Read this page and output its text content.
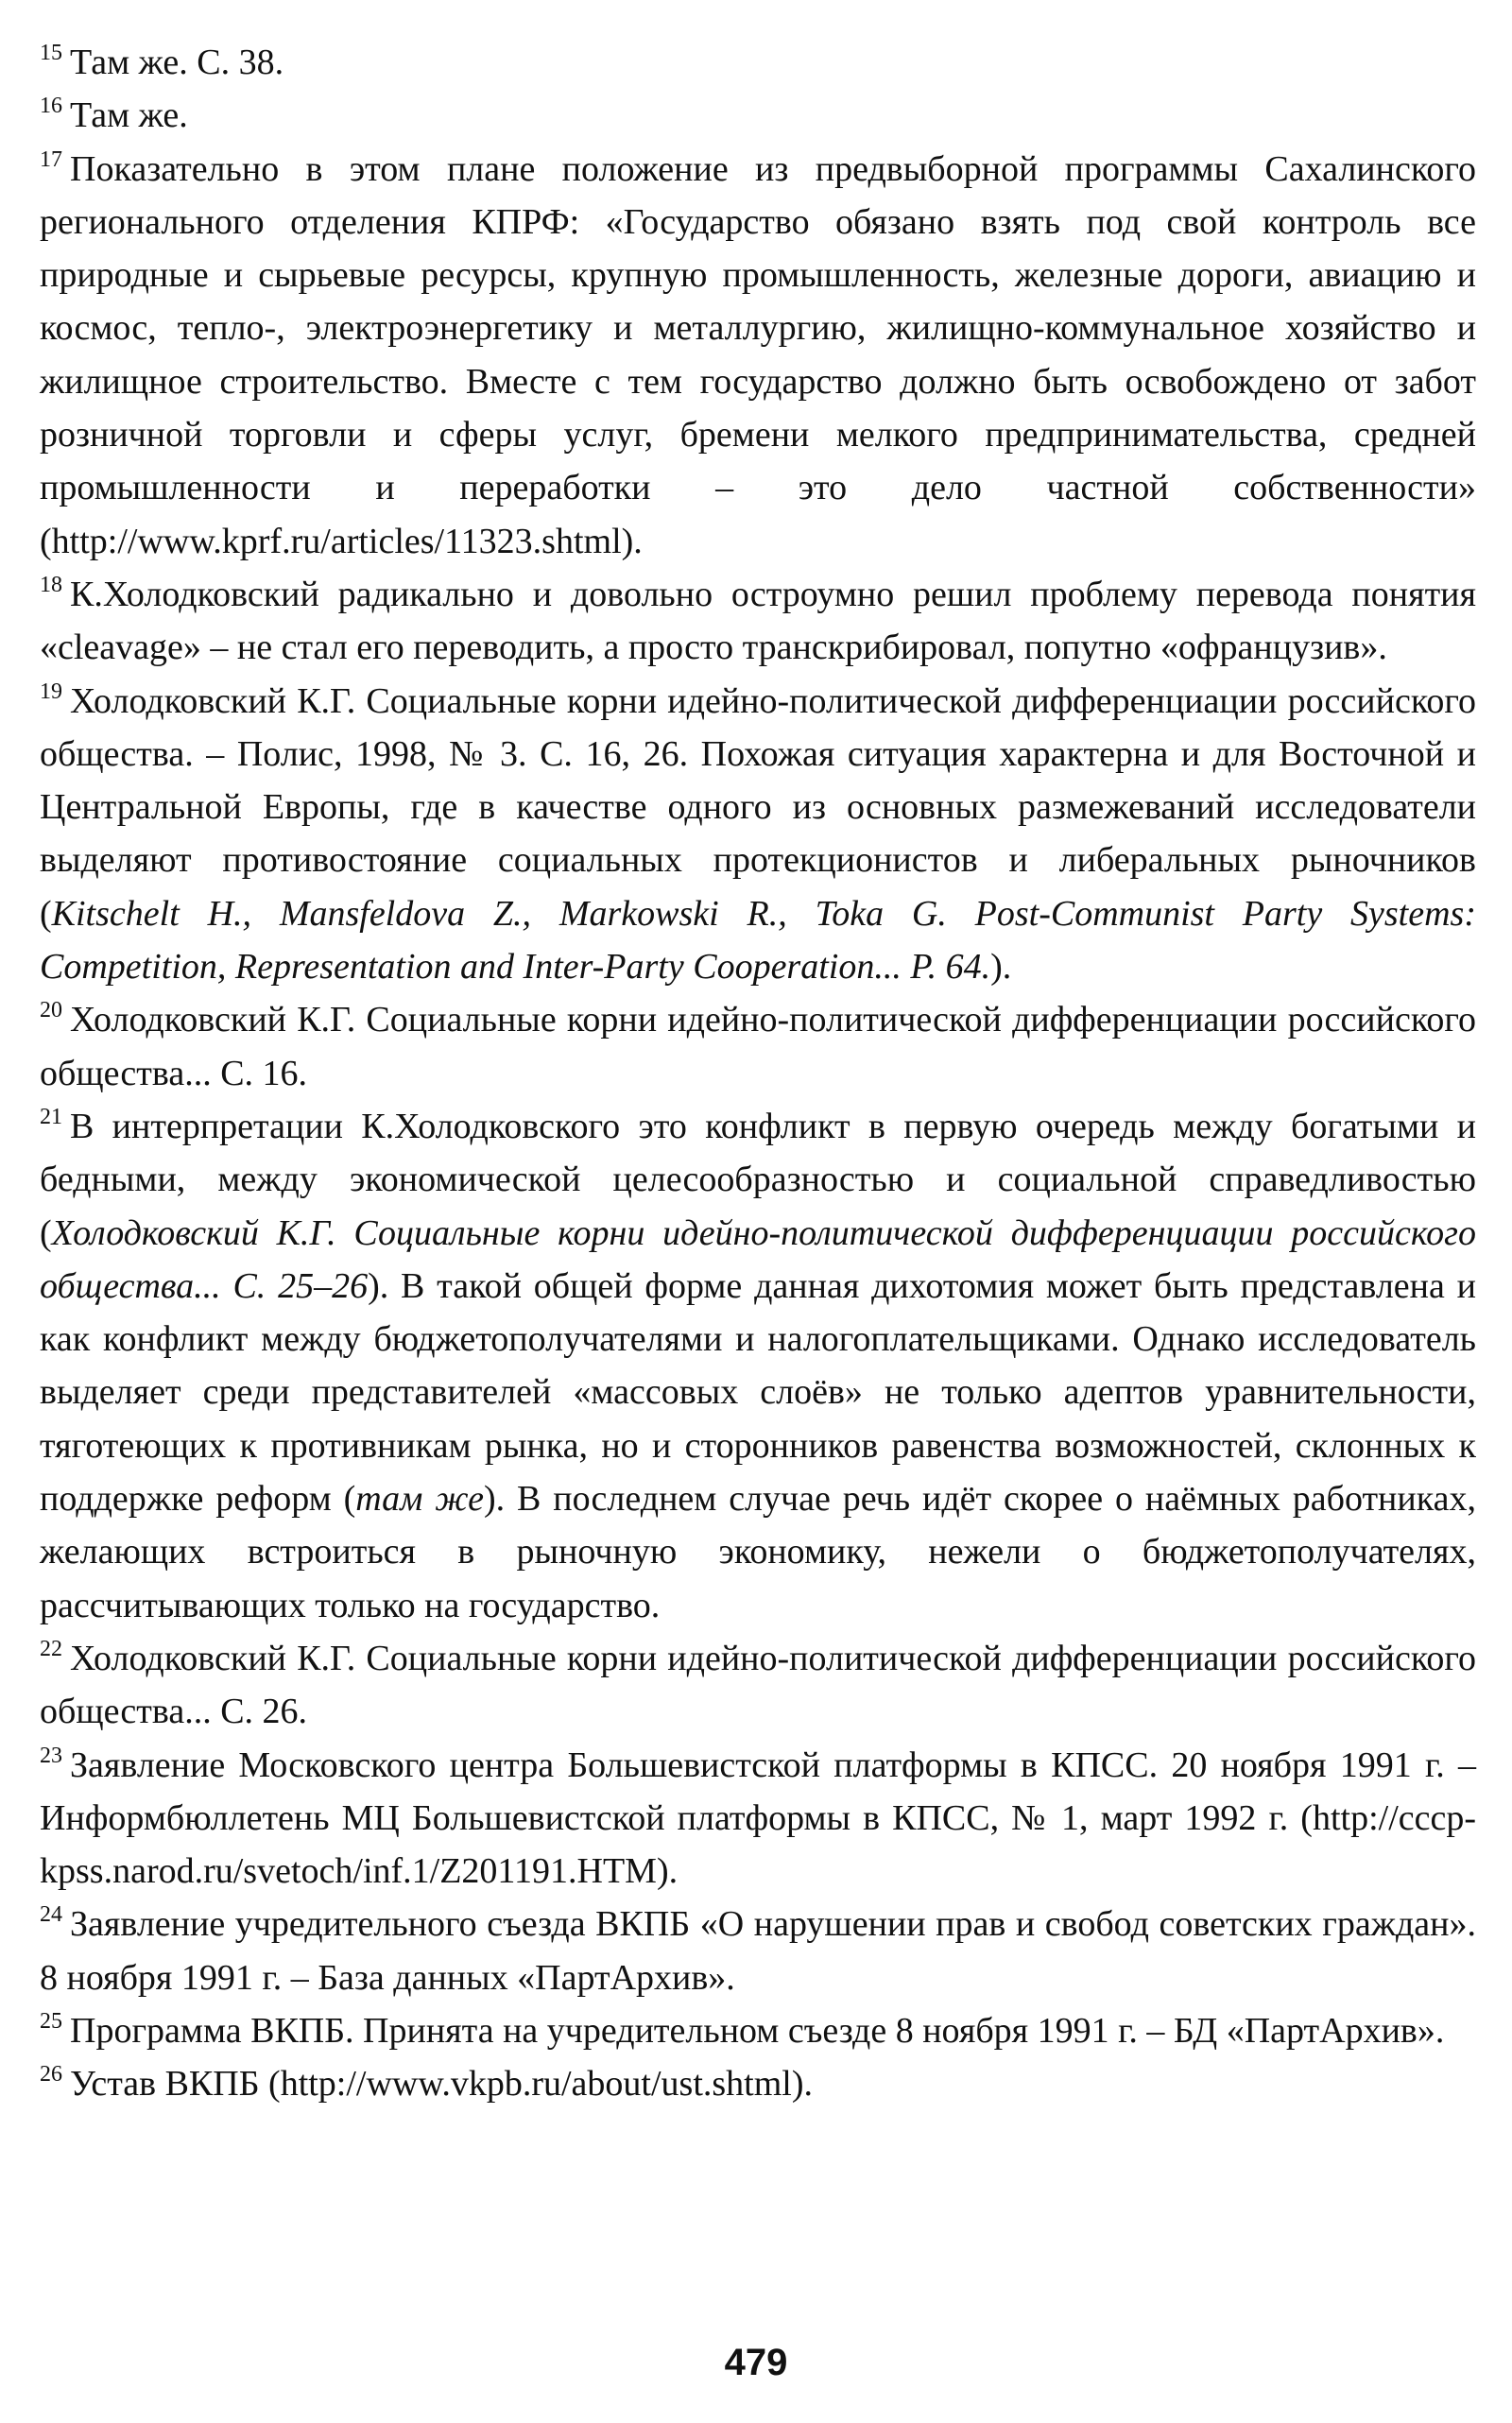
$^{15}$ Там же. С. 38.

$^{16}$ Там же.

$^{17}$ Показательно в этом плане положение из предвыборной программы Сахалинского регионального отделения КПРФ: «Государство обязано взять под свой контроль все природные и сырьевые ресурсы, крупную промышленность, железные дороги, авиацию и космос, тепло-, электроэнергетику и металлургию, жилищно-коммунальное хозяйство и жилищное строительство. Вместе с тем государство должно быть освобождено от забот розничной торговли и сферы услуг, бремени мелкого предпринимательства, средней промышленности и переработки – это дело частной собственности» (http://www.kprf.ru/articles/11323.shtml).

$^{18}$ К.Холодковский радикально и довольно остроумно решил проблему перевода понятия «cleavage» – не стал его переводить, а просто транскрибировал, попутно «офранцузив».

$^{19}$ Холодковский К.Г. Социальные корни идейно-политической дифференциации российского общества. – Полис, 1998, № 3. С. 16, 26. Похожая ситуация характерна и для Восточной и Центральной Европы, где в качестве одного из основных размежеваний исследователи выделяют противостояние социальных протекционистов и либеральных рыночников (Kitschelt H., Mansfeldova Z., Markowski R., Toka G. Post-Communist Party Systems: Competition, Representation and Inter-Party Cooperation... P. 64.).

$^{20}$ Холодковский К.Г. Социальные корни идейно-политической дифференциации российского общества... С. 16.

$^{21}$ В интерпретации К.Холодковского это конфликт в первую очередь между богатыми и бедными, между экономической целесообразностью и социальной справедливостью (Холодковский К.Г. Социальные корни идейно-политической дифференциации российского общества... С. 25–26). В такой общей форме данная дихотомия может быть представлена и как конфликт между бюджетополучателями и налогоплательщиками. Однако исследователь выделяет среди представителей «массовых слоёв» не только адептов уравнительности, тяготеющих к противникам рынка, но и сторонников равенства возможностей, склонных к поддержке реформ (там же). В последнем случае речь идёт скорее о наёмных работниках, желающих встроиться в рыночную экономику, нежели о бюджетополучателях, рассчитывающих только на государство.

$^{22}$ Холодковский К.Г. Социальные корни идейно-политической дифференциации российского общества... С. 26.

$^{23}$ Заявление Московского центра Большевистской платформы в КПСС. 20 ноября 1991 г. – Информбюллетень МЦ Большевистской платформы в КПСС, № 1, март 1992 г. (http://cccp-kpss.narod.ru/svetoch/inf.1/Z201191.HTM).

$^{24}$ Заявление учредительного съезда ВКПБ «О нарушении прав и свобод советских граждан». 8 ноября 1991 г. – База данных «ПартАрхив».

$^{25}$ Программа ВКПБ. Принята на учредительном съезде 8 ноября 1991 г. – БД «ПартАрхив».

$^{26}$ Устав ВКПБ (http://www.vkpb.ru/about/ust.shtml).

479
